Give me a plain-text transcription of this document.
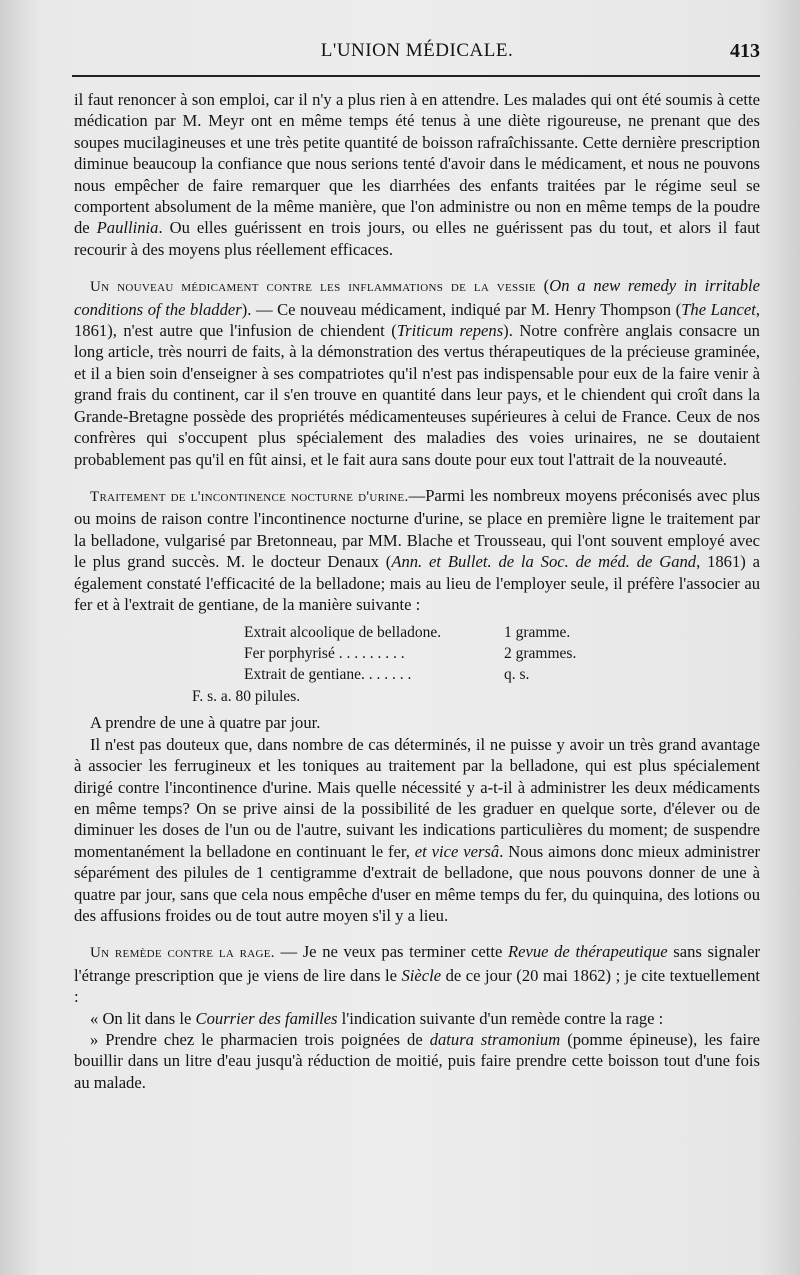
L'UNION MÉDICALE.	413

il faut renoncer à son emploi, car il n'y a plus rien à en attendre. Les malades qui ont été soumis à cette médication par M. Meyr ont en même temps été tenus à une diète rigoureuse, ne prenant que des soupes mucilagineuses et une très petite quantité de boisson rafraîchissante. Cette dernière prescription diminue beaucoup la confiance que nous serions tenté d'avoir dans le médicament, et nous ne pouvons nous empêcher de faire remarquer que les diarrhées des enfants traitées par le régime seul se comportent absolument de la même manière, que l'on administre ou non en même temps de la poudre de Paullinia. Ou elles guérissent en trois jours, ou elles ne guérissent pas du tout, et alors il faut recourir à des moyens plus réellement efficaces.

Un nouveau médicament contre les inflammations de la vessie (On a new remedy in irritable conditions of the bladder). — Ce nouveau médicament, indiqué par M. Henry Thompson (The Lancet, 1861), n'est autre que l'infusion de chiendent (Triticum repens). Notre confrère anglais consacre un long article, très nourri de faits, à la démonstration des vertus thérapeutiques de la précieuse graminée, et il a bien soin d'enseigner à ses compatriotes qu'il n'est pas indispensable pour eux de la faire venir à grand frais du continent, car il s'en trouve en quantité dans leur pays, et le chiendent qui croît dans la Grande-Bretagne possède des propriétés médicamenteuses supérieures à celui de France. Ceux de nos confrères qui s'occupent plus spécialement des maladies des voies urinaires, ne se doutaient probablement pas qu'il en fût ainsi, et le fait aura sans doute pour eux tout l'attrait de la nouveauté.

Traitement de l'incontinence nocturne d'urine.—Parmi les nombreux moyens préconisés avec plus ou moins de raison contre l'incontinence nocturne d'urine, se place en première ligne le traitement par la belladone, vulgarisé par Bretonneau, par MM. Blache et Trousseau, qui l'ont souvent employé avec le plus grand succès. M. le docteur Denaux (Ann. et Bullet. de la Soc. de méd. de Gand, 1861) a également constaté l'efficacité de la belladone; mais au lieu de l'employer seule, il préfère l'associer au fer et à l'extrait de gentiane, de la manière suivante :

Extrait alcoolique de belladone.	1 gramme.
Fer porphyrisé . . . . . . . . .	2 grammes.
Extrait de gentiane. . . . . . .	q. s.
F. s. a. 80 pilules.

A prendre de une à quatre par jour.

Il n'est pas douteux que, dans nombre de cas déterminés, il ne puisse y avoir un très grand avantage à associer les ferrugineux et les toniques au traitement par la belladone, qui est plus spécialement dirigé contre l'incontinence d'urine. Mais quelle nécessité y a-t-il à administrer les deux médicaments en même temps? On se prive ainsi de la possibilité de les graduer en quelque sorte, d'élever ou de diminuer les doses de l'un ou de l'autre, suivant les indications particulières du moment; de suspendre momentanément la belladone en continuant le fer, et vice versâ. Nous aimons donc mieux administrer séparément des pilules de 1 centigramme d'extrait de belladone, que nous pouvons donner de une à quatre par jour, sans que cela nous empêche d'user en même temps du fer, du quinquina, des lotions ou des affusions froides ou de tout autre moyen s'il y a lieu.

Un remède contre la rage. — Je ne veux pas terminer cette Revue de thérapeutique sans signaler l'étrange prescription que je viens de lire dans le Siècle de ce jour (20 mai 1862) ; je cite textuellement :

« On lit dans le Courrier des familles l'indication suivante d'un remède contre la rage :

» Prendre chez le pharmacien trois poignées de datura stramonium (pomme épineuse), les faire bouillir dans un litre d'eau jusqu'à réduction de moitié, puis faire prendre cette boisson tout d'une fois au malade.
